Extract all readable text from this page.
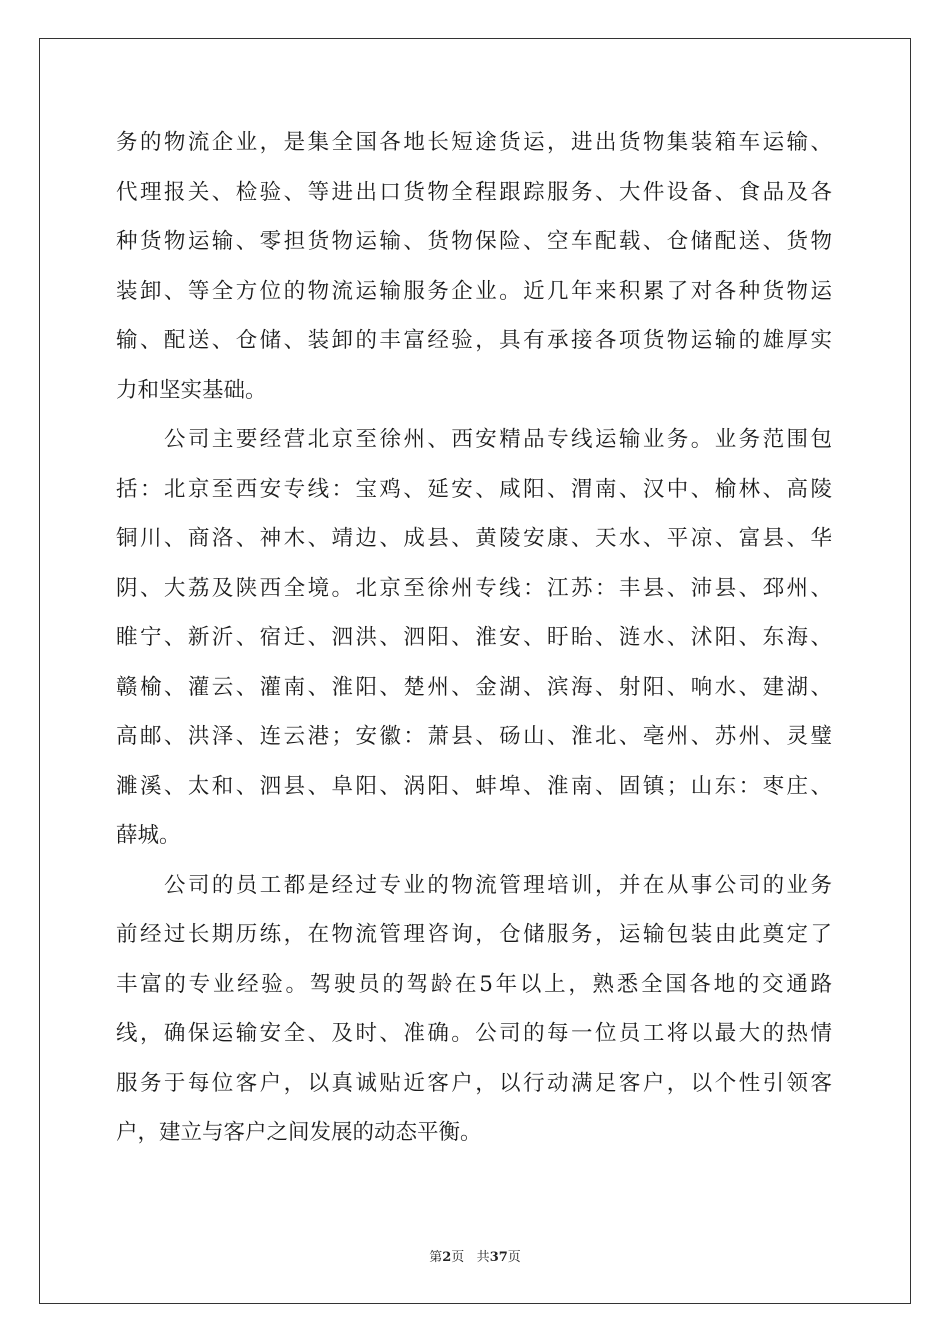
务的物流企业，是集全国各地长短途货运，进出货物集装箱车运输、
代理报关、检验、等进出口货物全程跟踪服务、大件设备、食品及各
种货物运输、零担货物运输、货物保险、空车配载、仓储配送、货物
装卸、等全方位的物流运输服务企业。近几年来积累了对各种货物运
输、配送、仓储、装卸的丰富经验，具有承接各项货物运输的雄厚实
力和坚实基础。
公司主要经营北京至徐州、西安精品专线运输业务。业务范围包
括：北京至西安专线：宝鸡、延安、咸阳、渭南、汉中、榆林、高陵
铜川、商洛、神木、靖边、成县、黄陵安康、天水、平凉、富县、华
阴、大荔及陕西全境。北京至徐州专线：江苏：丰县、沛县、邳州、
睢宁、新沂、宿迁、泗洪、泗阳、淮安、盱眙、涟水、沭阳、东海、
赣榆、灌云、灌南、淮阳、楚州、金湖、滨海、射阳、响水、建湖、
高邮、洪泽、连云港；安徽：萧县、砀山、淮北、亳州、苏州、灵璧
濉溪、太和、泗县、阜阳、涡阳、蚌埠、淮南、固镇；山东：枣庄、
薛城。
公司的员工都是经过专业的物流管理培训，并在从事公司的业务
前经过长期历练，在物流管理咨询，仓储服务，运输包装由此奠定了
丰富的专业经验。驾驶员的驾龄在5年以上，熟悉全国各地的交通路
线，确保运输安全、及时、准确。公司的每一位员工将以最大的热情
服务于每位客户，以真诚贴近客户，以行动满足客户，以个性引领客
户，建立与客户之间发展的动态平衡。
第2页 共37页
